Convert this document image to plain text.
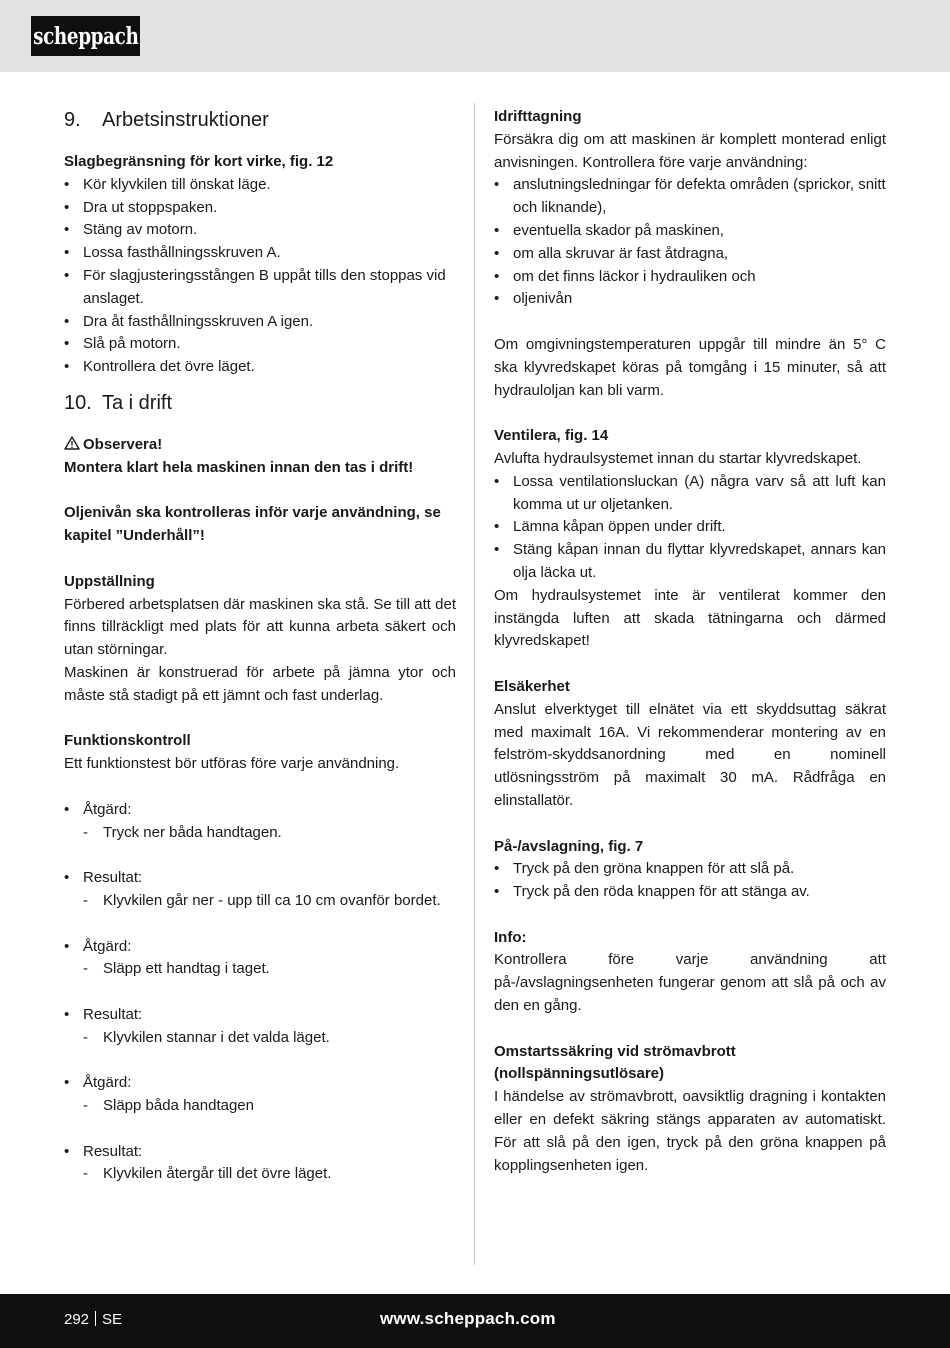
scheppach
9.	Arbetsinstruktioner

Slagbegränsning för kort virke, fig. 12

• Kör klyvkilen till önskat läge.
• Dra ut stoppspaken.
• Stäng av motorn.
• Lossa fasthållningsskruven A.
• För slagjusteringsstången B uppåt tills den stoppas vid anslaget.
• Dra åt fasthållningsskruven A igen.
• Slå på motorn.
• Kontrollera det övre läget.
10. Ta i drift

Observera!

Montera klart hela maskinen innan den tas i drift!

Oljenivån ska kontrolleras inför varje användning, se kapitel ”Underhåll”!

Uppställning

Förbered arbetsplatsen där maskinen ska stå. Se till att det finns tillräckligt med plats för att kunna arbeta säkert och utan störningar.

Maskinen är konstruerad för arbete på jämna ytor och måste stå stadigt på ett jämnt och fast underlag.

Funktionskontroll

Ett funktionstest bör utföras före varje användning.

• Åtgärd:
- Tryck ner båda handtagen.
• Resultat:
- Klyvkilen går ner - upp till ca 10 cm ovanför bordet.
• Åtgärd:
- Släpp ett handtag i taget.
• Resultat:
- Klyvkilen stannar i det valda läget.
• Åtgärd:
- Släpp båda handtagen
• Resultat:
- Klyvkilen återgår till det övre läget.

Idrifttagning

Försäkra dig om att maskinen är komplett monterad enligt anvisningen. Kontrollera före varje användning:

• anslutningsledningar för defekta områden (sprickor, snitt och liknande),
• eventuella skador på maskinen,
• om alla skruvar är fast åtdragna,
• om det finns läckor i hydrauliken och
• oljenivån

Om omgivningstemperaturen uppgår till mindre än 5° C ska klyvredskapet köras på tomgång i 15 minuter, så att hydrauloljan kan bli varm.

Ventilera, fig. 14

Avlufta hydraulsystemet innan du startar klyvredskapet.

• Lossa ventilationsluckan (A) några varv så att luft kan komma ut ur oljetanken.
• Lämna kåpan öppen under drift.
• Stäng kåpan innan du flyttar klyvredskapet, annars kan olja läcka ut.

Om hydraulsystemet inte är ventilerat kommer den instängda luften att skada tätningarna och därmed klyvredskapet!

Elsäkerhet

Anslut elverktyget till elnätet via ett skyddsuttag säkrat med maximalt 16A. Vi rekommenderar montering av en felström-skyddsanordning med en nominell utlösningsström på maximalt 30 mA. Rådfråga en elinstallatör.

På-/avslagning, fig. 7

• Tryck på den gröna knappen för att slå på.
• Tryck på den röda knappen för att stänga av.

Info:

Kontrollera före varje användning att på-/avslagningsenheten fungerar genom att slå på och av den en gång.

Omstartssäkring vid strömavbrott (nollspänningsutlösare)

I händelse av strömavbrott, oavsiktlig dragning i kontakten eller en defekt säkring stängs apparaten av automatiskt. För att slå på den igen, tryck på den gröna knappen på kopplingsenheten igen.

292 SE	www.scheppach.com
